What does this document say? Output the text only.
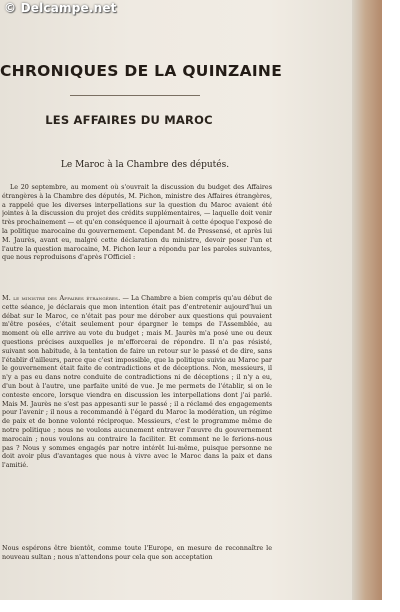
© Delcampe.net
CHRONIQUES DE LA QUINZAINE
LES AFFAIRES DU MAROC
Le Maroc à la Chambre des députés.
Le 20 septembre, au moment où s'ouvrait la discussion du budget des Affaires étrangères à la Chambre des députés, M. Pichon, ministre des Affaires étrangères, a rappelé que les diverses interpellations sur la question du Maroc avaient été jointes à la discussion du projet des crédits supplémentaires, — laquelle doit venir très prochainement — et qu'en conséquence il ajournait à cette époque l'exposé de la politique marocaine du gouvernement. Cependant M. de Pressensé, et après lui M. Jaurès, avant eu, malgré cette déclaration du ministre, devoir poser l'un et l'autre la question marocaine, M. Pichon leur a répondu par les paroles suivantes, que nous reproduisons d'après l'Officiel :
M. le ministre des Affaires étrangères. — La Chambre a bien compris qu'au début de cette séance, je déclarais que mon intention était pas d'entretenir aujourd'hui un débat sur le Maroc, ce n'était pas pour me dérober aux questions qui pouvaient m'être posées, c'était seulement pour épargner le temps de l'Assemblée, au moment où elle arrive au vote du budget ; mais M. Jaurès m'a posé une ou deux questions précises auxquelles je m'efforcerai de répondre. Il n'a pas résisté, suivant son habitude, à la tentation de faire un retour sur le passé et de dire, sans l'établir d'ailleurs, parce que c'est impossible, que la politique suivie au Maroc par le gouvernement était faite de contradictions et de déceptions. Non, messieurs, il n'y a pas eu dans notre conduite de contradictions ni de déceptions ; il n'y a eu, d'un bout à l'autre, une parfaite unité de vue. Je me permets de l'établir, si on le conteste encore, lorsque viendra en discussion les interpellations dont j'ai parlé. Mais M. Jaurès ne s'est pas appesanti sur le passé ; il a réclamé des engagements pour l'avenir ; il nous a recommandé à l'égard du Maroc la modération, un régime de paix et de bonne volonté réciproque. Messieurs, c'est le programme même de notre politique ; nous ne voulons aucunement entraver l'œuvre du gouvernement marocain ; nous voulons au contraire la faciliter. Et comment ne le ferions-nous pas ? Nous y sommes engagés par notre intérêt lui-même, puisque personne ne doit avoir plus d'avantages que nous à vivre avec le Maroc dans la paix et dans l'amitié.
Nous espérons être bientôt, comme toute l'Europe, en mesure de reconnaître le nouveau sultan ; nous n'attendons pour cela que son acceptation
